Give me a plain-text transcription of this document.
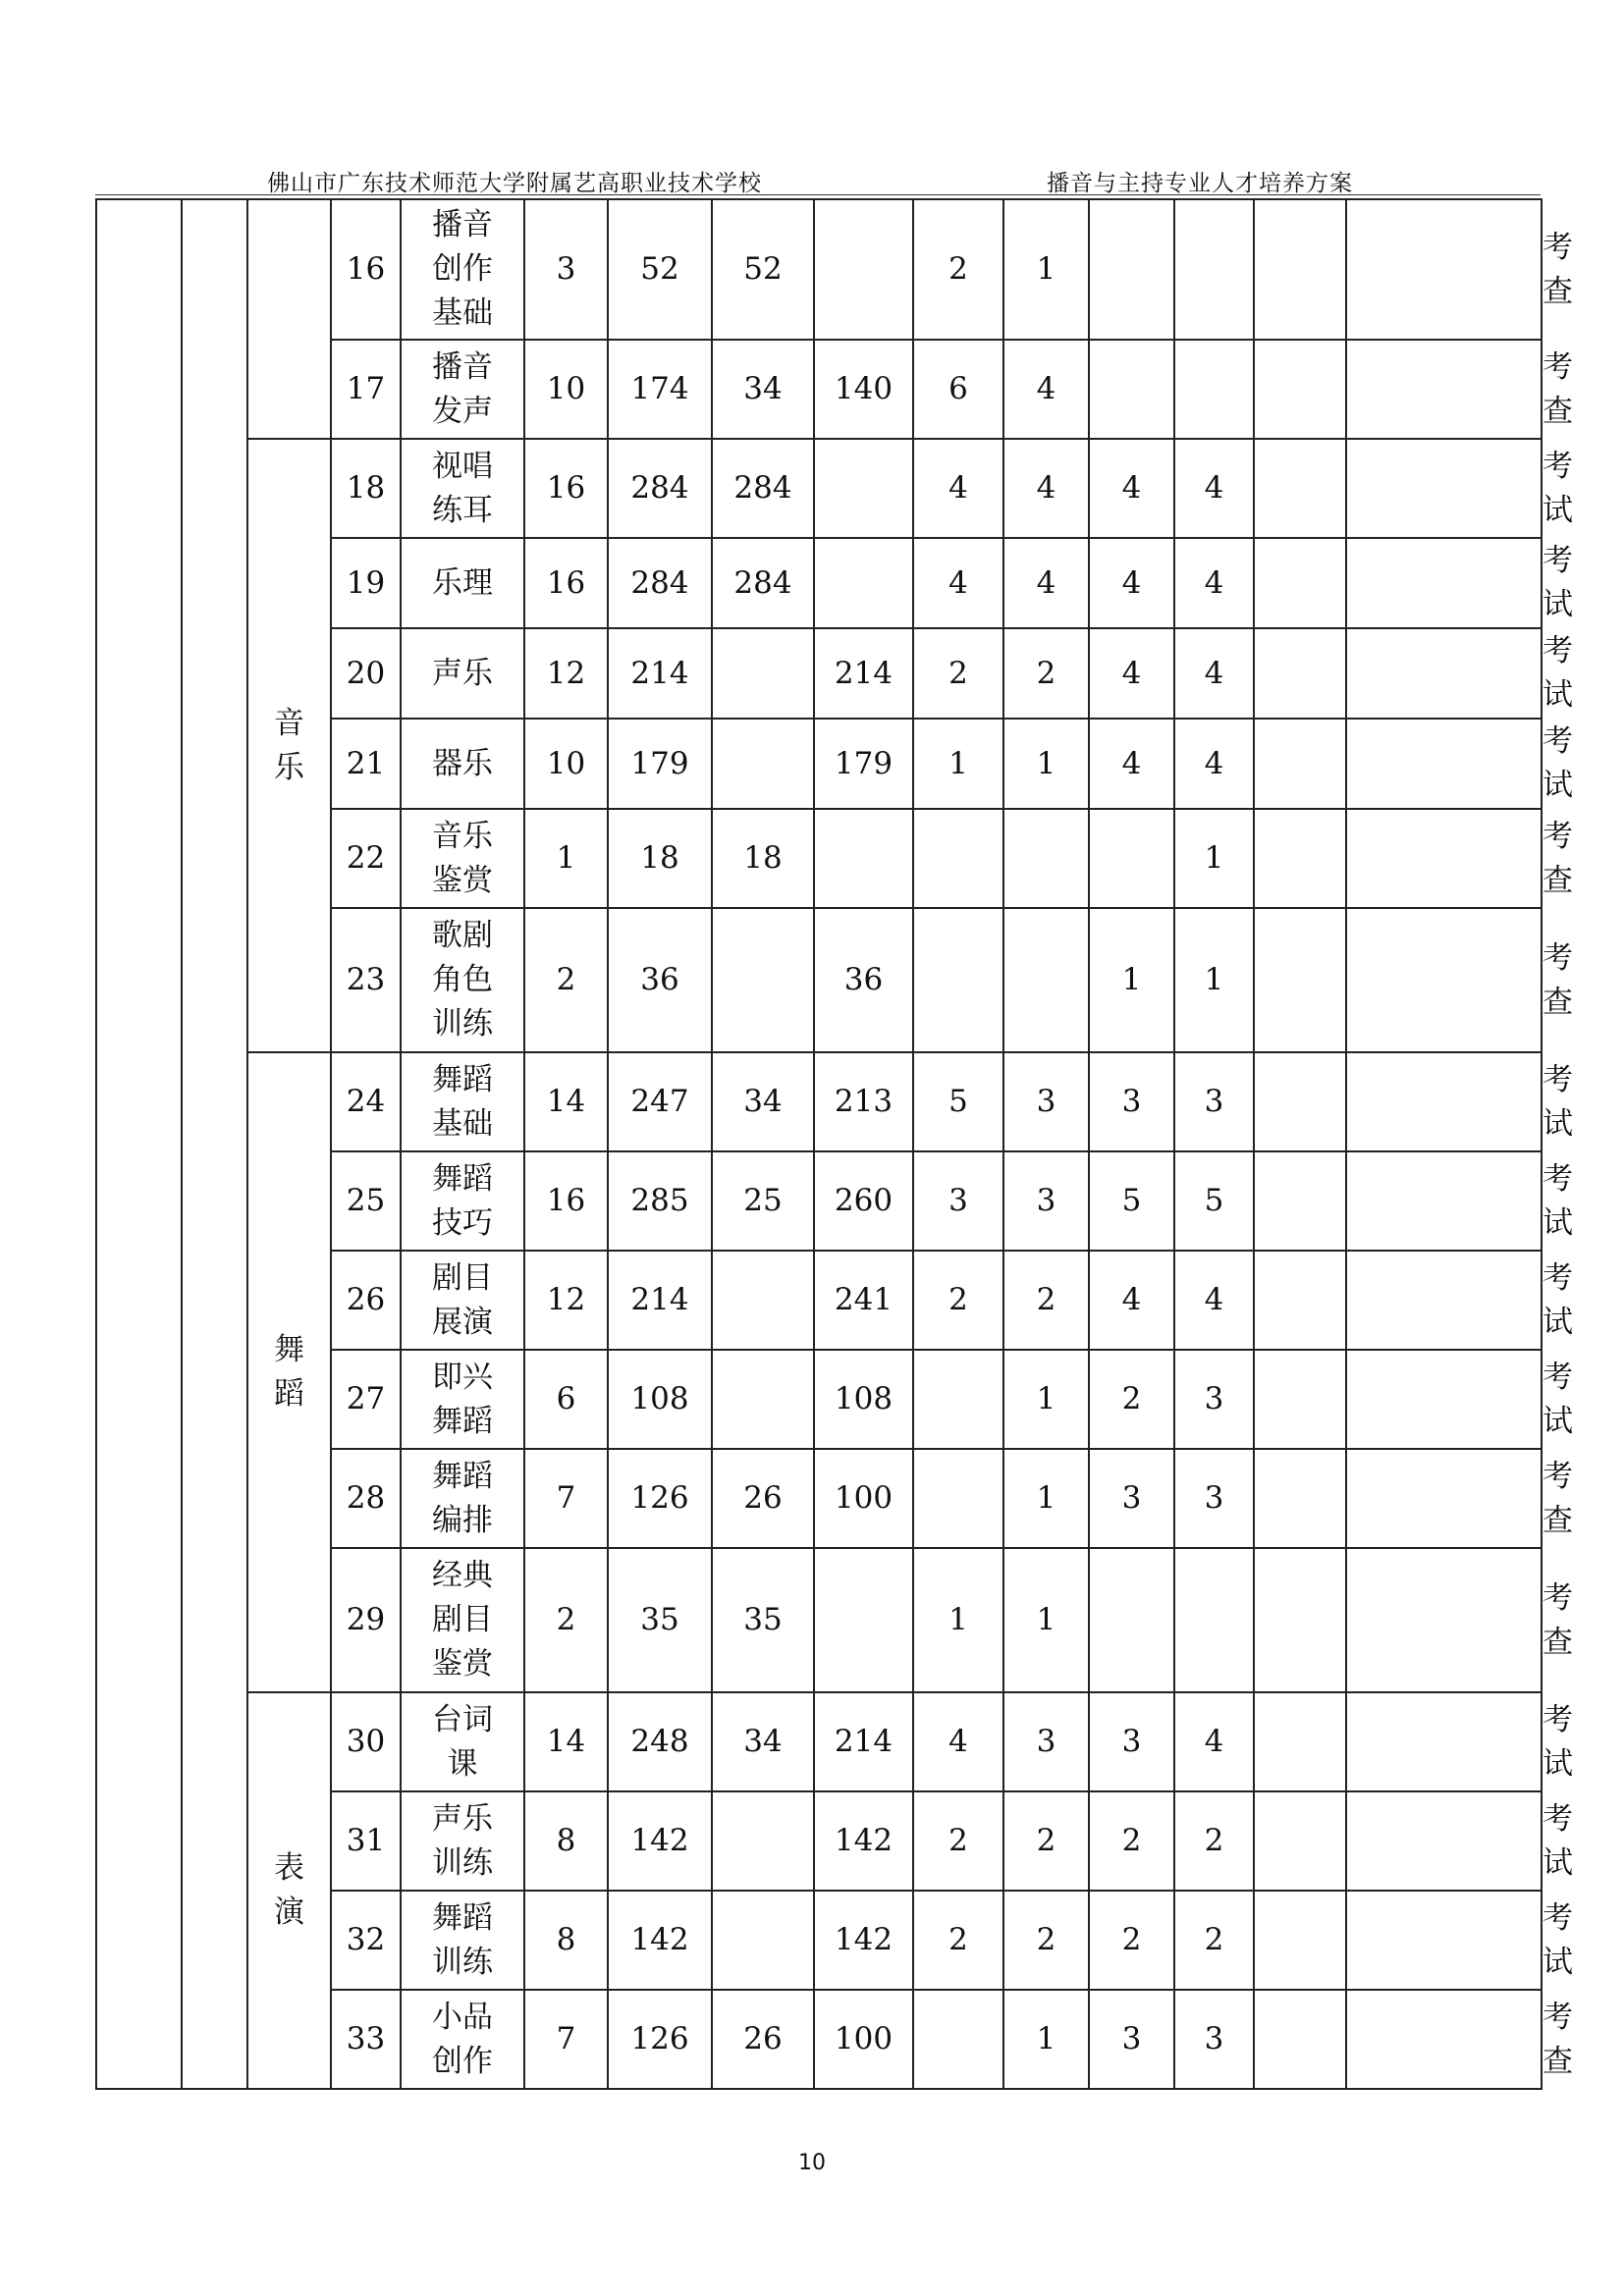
佛山市广东技术师范大学附属艺高职业技术学校	播音与主持专业人才培养方案
			16	播音创作基础	3	52	52		2	1					考查
			17	播音发声	10	174	34	140	6	4					考查
		音乐	18	视唱练耳	16	284	284		4	4	4	4			考试
			19	乐理	16	284	284		4	4	4	4			考试
			20	声乐	12	214		214	2	2	4	4			考试
			21	器乐	10	179		179	1	1	4	4			考试
			22	音乐鉴赏	1	18	18					1			考查
			23	歌剧角色训练	2	36		36			1	1			考查
		舞蹈	24	舞蹈基础	14	247	34	213	5	3	3	3			考试
			25	舞蹈技巧	16	285	25	260	3	3	5	5			考试
			26	剧目展演	12	214		241	2	2	4	4			考试
			27	即兴舞蹈	6	108		108		1	2	3			考试
			28	舞蹈编排	7	126	26	100		1	3	3			考查
			29	经典剧目鉴赏	2	35	35		1	1					考查
		表演	30	台词课	14	248	34	214	4	3	3	4			考试
			31	声乐训练	8	142		142	2	2	2	2			考试
			32	舞蹈训练	8	142		142	2	2	2	2			考试
			33	小品创作	7	126	26	100		1	3	3			考查
10
